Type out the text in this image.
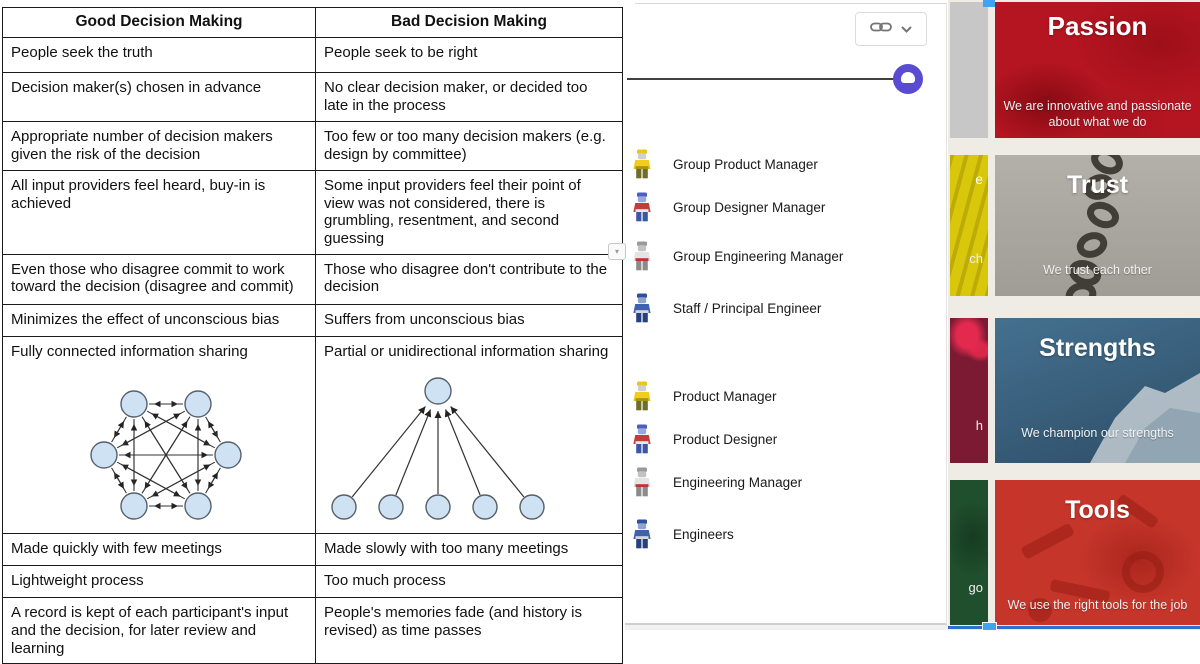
Good Decision Making	Bad Decision Making
People seek the truth	People seek to be right
Decision maker(s) chosen in advance	No clear decision maker, or decided too late in the process
Appropriate number of decision makers given the risk of the decision	Too few or too many decision makers (e.g. design by committee)
All input providers feel heard, buy-in is achieved	Some input providers feel their point of view was not considered, there is grumbling, resentment, and second guessing
Even those who disagree commit to work toward the decision (disagree and commit)	Those who disagree don't contribute to the decision
Minimizes the effect of unconscious bias	Suffers from unconscious bias

Fully connected information sharing	Partial or unidirectional information sharing

Made quickly with few meetings	Made slowly with too many meetings
Lightweight process	Too much process
A record is kept of each participant's input and the decision, for later review and learning	People's memories fade (and history is revised) as time passes
▾
Group Product Manager
Group Designer Manager
Group Engineering Manager
Staff / Principal Engineer
Product Manager
Product Designer
Engineering Manager
Engineers
e
ch
h
go
Passion
We are innovative and passionate about what we do
Trust
We trust each other
Strengths
We champion our strengths
Tools
We use the right tools for the job
